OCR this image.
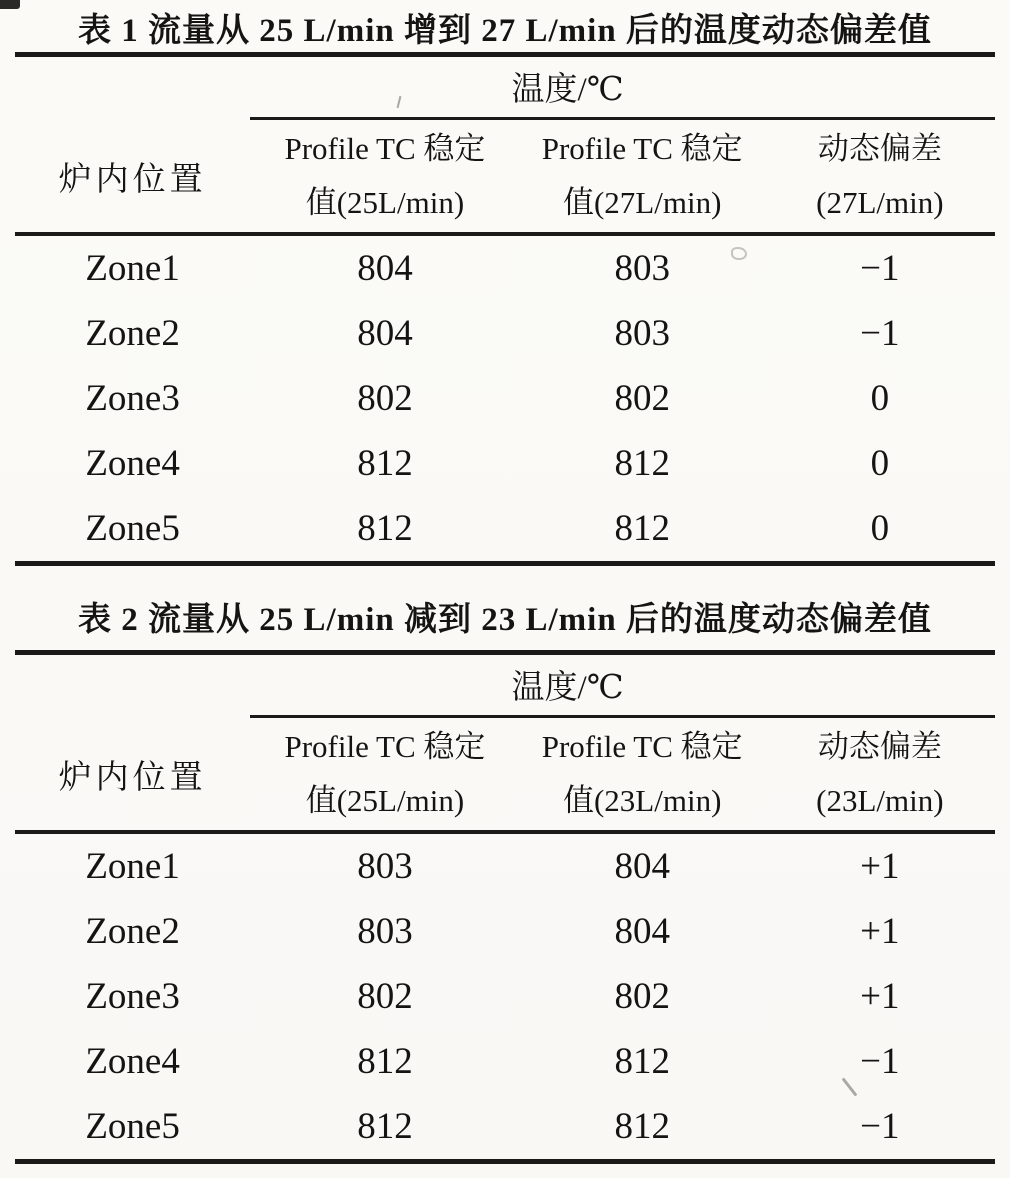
表 1 流量从 25 L/min 增到 27 L/min 后的温度动态偏差值
温度/℃
炉内位置
Profile TC 稳定
值(25L/min)
Profile TC 稳定
值(27L/min)
动态偏差
(27L/min)
Zone1	804	803	−1
Zone2	804	803	−1
Zone3	802	802	0
Zone4	812	812	0
Zone5	812	812	0
表 2 流量从 25 L/min 减到 23 L/min 后的温度动态偏差值
温度/℃
炉内位置
Profile TC 稳定
值(25L/min)
Profile TC 稳定
值(23L/min)
动态偏差
(23L/min)
Zone1	803	804	+1
Zone2	803	804	+1
Zone3	802	802	+1
Zone4	812	812	−1
Zone5	812	812	−1
